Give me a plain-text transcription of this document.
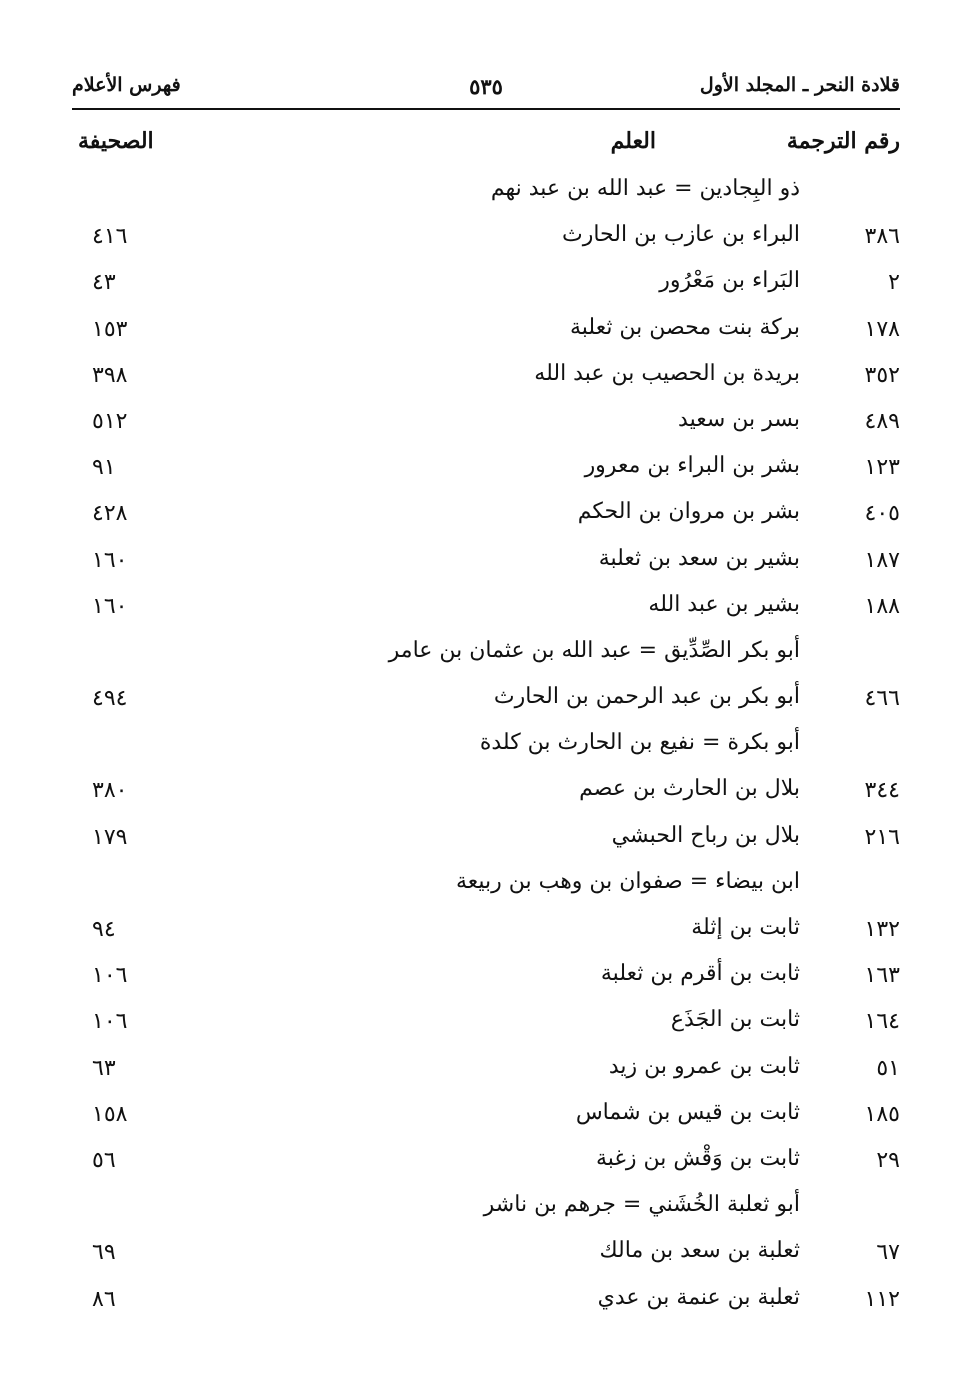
قلادة النحر ـ المجلد الأول
٥٣٥
فهرس الأعلام
رقم الترجمة
العلم
الصحيفة
ذو البِجادين = عبد الله بن عبد نهم
٣٨٦
البراء بن عازب بن الحارث
٤١٦
٢
البَراء بن مَعْرُور
٤٣
١٧٨
بركة بنت محصن بن ثعلبة
١٥٣
٣٥٢
بريدة بن الحصيب بن عبد الله
٣٩٨
٤٨٩
بسر بن سعيد
٥١٢
١٢٣
بشر بن البراء بن معرور
٩١
٤٠٥
بشر بن مروان بن الحكم
٤٢٨
١٨٧
بشير بن سعد بن ثعلبة
١٦٠
١٨٨
بشير بن عبد الله
١٦٠
أبو بكر الصِّدِّيق = عبد الله بن عثمان بن عامر
٤٦٦
أبو بكر بن عبد الرحمن بن الحارث
٤٩٤
أبو بكرة = نفيع بن الحارث بن كلدة
٣٤٤
بلال بن الحارث بن عصم
٣٨٠
٢١٦
بلال بن رباح الحبشي
١٧٩
ابن بيضاء = صفوان بن وهب بن ربيعة
١٣٢
ثابت بن إثلة
٩٤
١٦٣
ثابت بن أقرم بن ثعلبة
١٠٦
١٦٤
ثابت بن الجَذَع
١٠٦
٥١
ثابت بن عمرو بن زيد
٦٣
١٨٥
ثابت بن قيس بن شماس
١٥٨
٢٩
ثابت بن وَقْش بن زغبة
٥٦
أبو ثعلبة الخُشَني = جرهم بن ناشر
٦٧
ثعلبة بن سعد بن مالك
٦٩
١١٢
ثعلبة بن عنمة بن عدي
٨٦
